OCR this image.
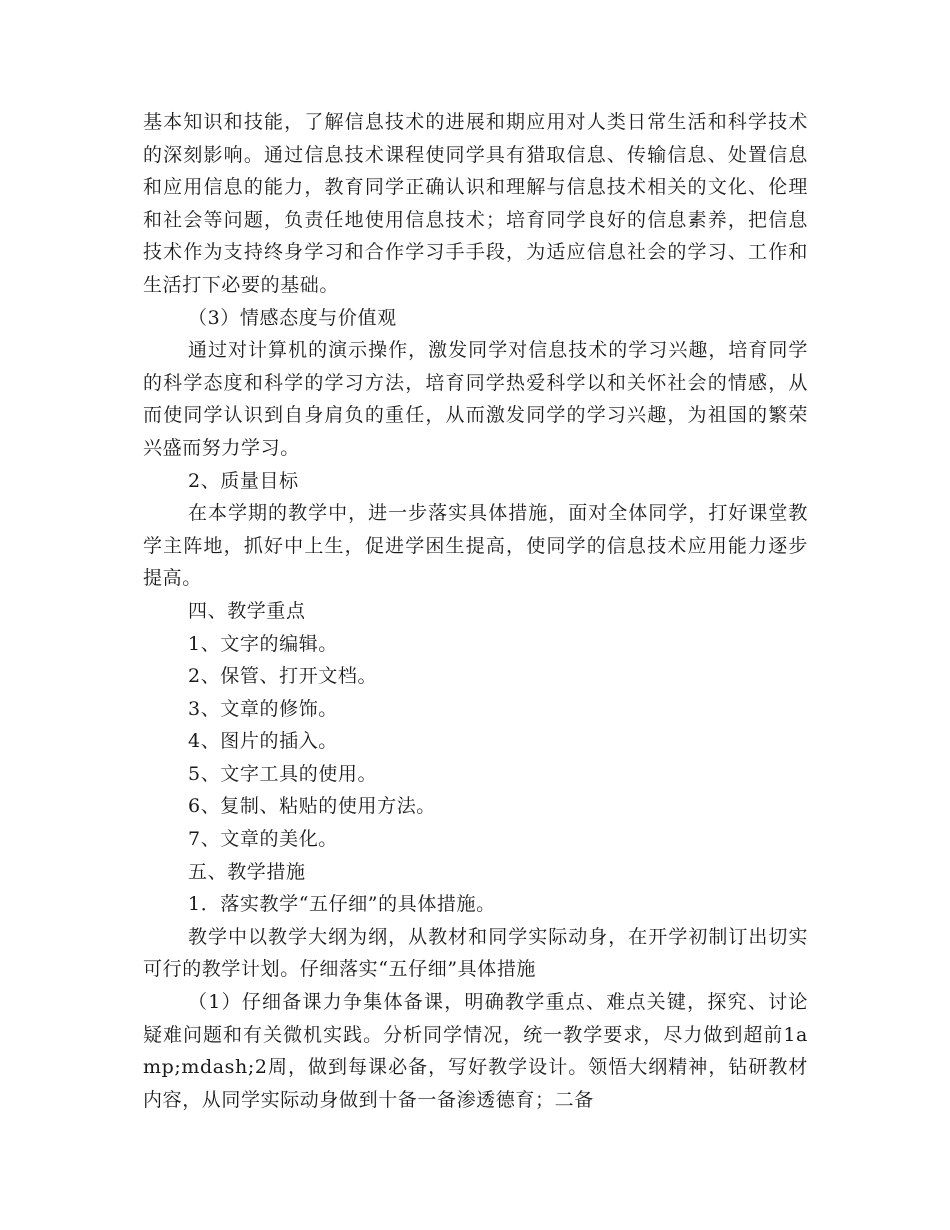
基本知识和技能，了解信息技术的进展和期应用对人类日常生活和科学技术的深刻影响。通过信息技术课程使同学具有猎取信息、传输信息、处置信息和应用信息的能力，教育同学正确认识和理解与信息技术相关的文化、伦理和社会等问题，负责任地使用信息技术；培育同学良好的信息素养，把信息技术作为支持终身学习和合作学习手手段，为适应信息社会的学习、工作和生活打下必要的基础。

（3）情感态度与价值观

通过对计算机的演示操作，激发同学对信息技术的学习兴趣，培育同学的科学态度和科学的学习方法，培育同学热爱科学以和关怀社会的情感，从而使同学认识到自身肩负的重任，从而激发同学的学习兴趣，为祖国的繁荣兴盛而努力学习。

2、质量目标

在本学期的教学中，进一步落实具体措施，面对全体同学，打好课堂教学主阵地，抓好中上生，促进学困生提高，使同学的信息技术应用能力逐步提高。

四、教学重点

1、文字的编辑。

2、保管、打开文档。

3、文章的修饰。

4、图片的插入。

5、文字工具的使用。

6、复制、粘贴的使用方法。

7、文章的美化。

五、教学措施

1．落实教学“五仔细”的具体措施。

教学中以教学大纲为纲，从教材和同学实际动身，在开学初制订出切实可行的教学计划。仔细落实“五仔细”具体措施

（1）仔细备课力争集体备课，明确教学重点、难点关键，探究、讨论疑难问题和有关微机实践。分析同学情况，统一教学要求，尽力做到超前1amp;mdash;2周，做到每课必备，写好教学设计。领悟大纲精神，钻研教材内容，从同学实际动身做到十备一备渗透德育；二备
